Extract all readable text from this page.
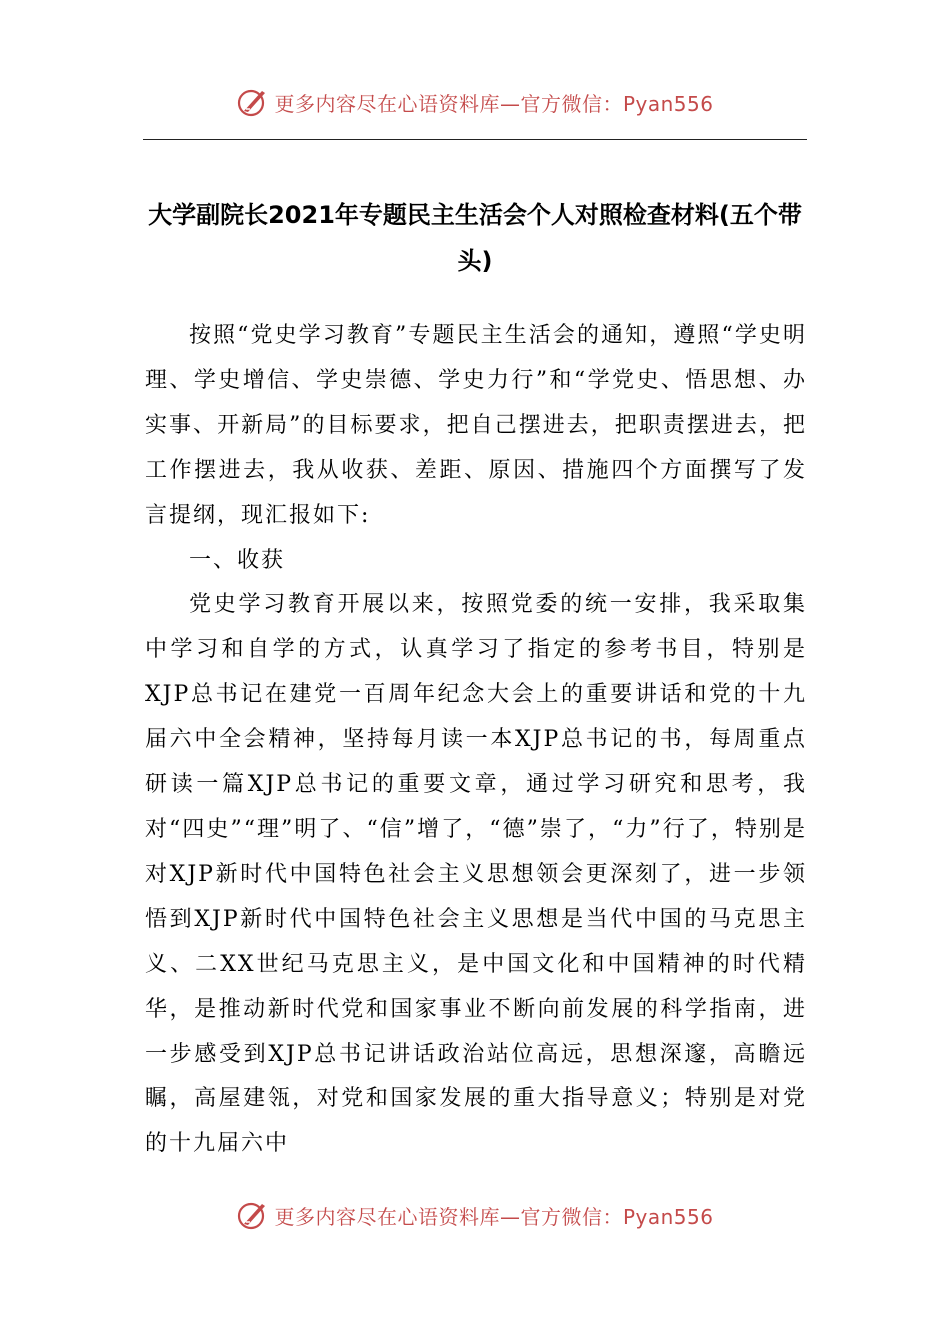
更多内容尽在心语资料库 —官方微信：Pyan556
大学副院长2021年专题民主生活会个人对照检查材料(五个带头)

按照“党史学习教育”专题民主生活会的通知，遵照“学史明理、学史增信、学史崇德、学史力行”和“学党史、悟思想、办实事、开新局”的目标要求，把自己摆进去，把职责摆进去，把工作摆进去，我从收获、差距、原因、措施四个方面撰写了发言提纲，现汇报如下:

一、收获

党史学习教育开展以来，按照党委的统一安排，我采取集中学习和自学的方式，认真学习了指定的参考书目，特别是XJP总书记在建党一百周年纪念大会上的重要讲话和党的十九届六中全会精神，坚持每月读一本XJP总书记的书，每周重点研读一篇XJP总书记的重要文章，通过学习研究和思考，我对“四史”“理”明了、“信”增了，“德”崇了，“力”行了，特别是对XJP新时代中国特色社会主义思想领会更深刻了，进一步领悟到XJP新时代中国特色社会主义思想是当代中国的马克思主义、二XX世纪马克思主义，是中国文化和中国精神的时代精华，是推动新时代党和国家事业不断向前发展的科学指南，进一步感受到XJP总书记讲话政治站位高远，思想深邃，高瞻远瞩，高屋建瓴，对党和国家发展的重大指导意义；特别是对党的十九届六中

更多内容尽在心语资料库 —官方微信：Pyan556
